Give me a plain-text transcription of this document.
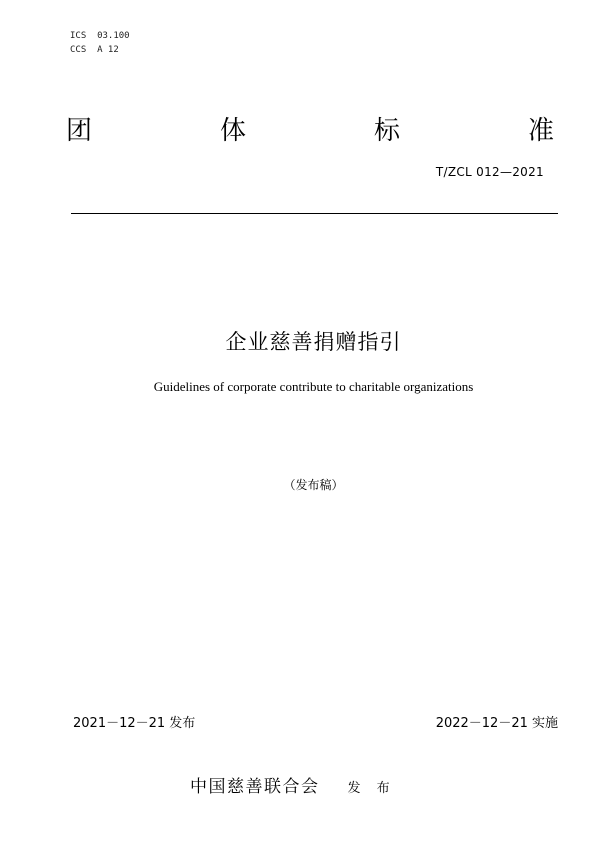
ICS  03.100
CCS  A 12
团	体	标	准
T/ZCL 012—2021
企业慈善捐赠指引
Guidelines of corporate contribute to charitable organizations
（发布稿）
2021－12－21 发布	2022－12－21 实施
中国慈善联合会 发 布
